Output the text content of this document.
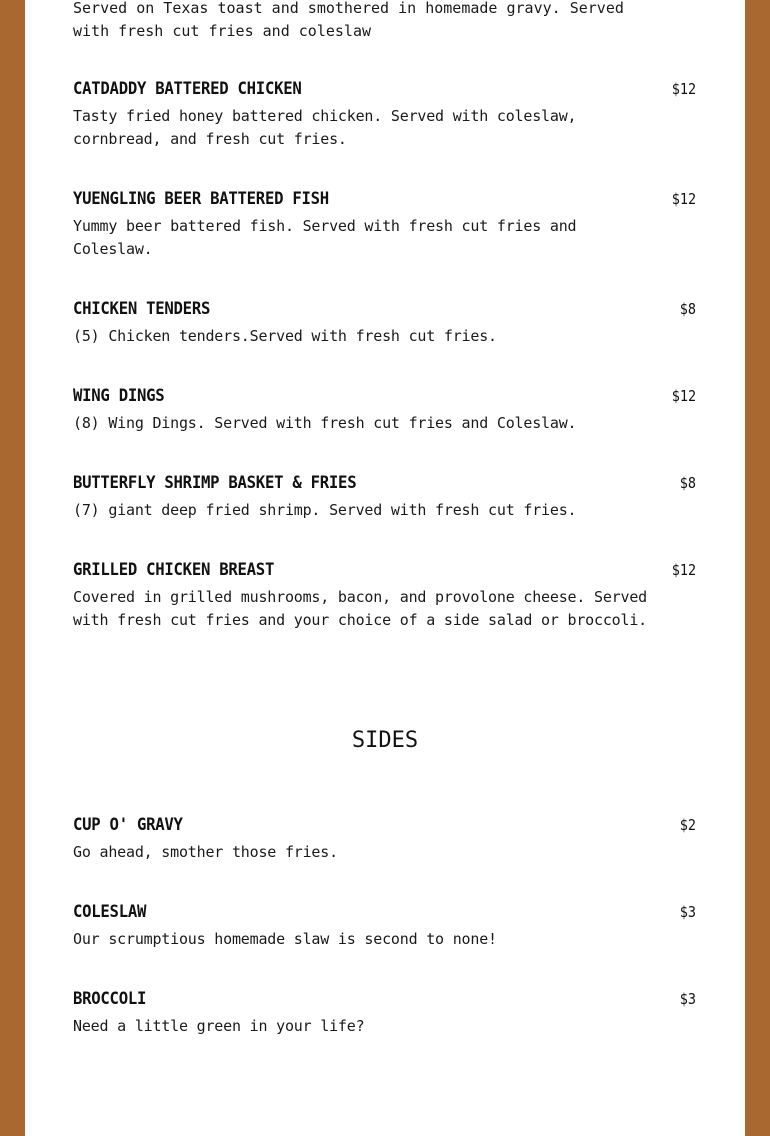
Served on Texas toast and smothered in homemade gravy. Served with fresh cut fries and coleslaw
CATDADDY BATTERED CHICKEN	$12
Tasty fried honey battered chicken. Served with coleslaw, cornbread, and fresh cut fries.
YUENGLING BEER BATTERED FISH	$12
Yummy beer battered fish. Served with fresh cut fries and Coleslaw.
CHICKEN TENDERS	$8
(5) Chicken tenders.Served with fresh cut fries.
WING DINGS	$12
(8) Wing Dings. Served with fresh cut fries and Coleslaw.
BUTTERFLY SHRIMP BASKET & FRIES	$8
(7) giant deep fried shrimp. Served with fresh cut fries.
GRILLED CHICKEN BREAST	$12
Covered in grilled mushrooms, bacon, and provolone cheese. Served with fresh cut fries and your choice of a side salad or broccoli.
SIDES
CUP O' GRAVY	$2
Go ahead, smother those fries.
COLESLAW	$3
Our scrumptious homemade slaw is second to none!
BROCCOLI	$3
Need a little green in your life?
